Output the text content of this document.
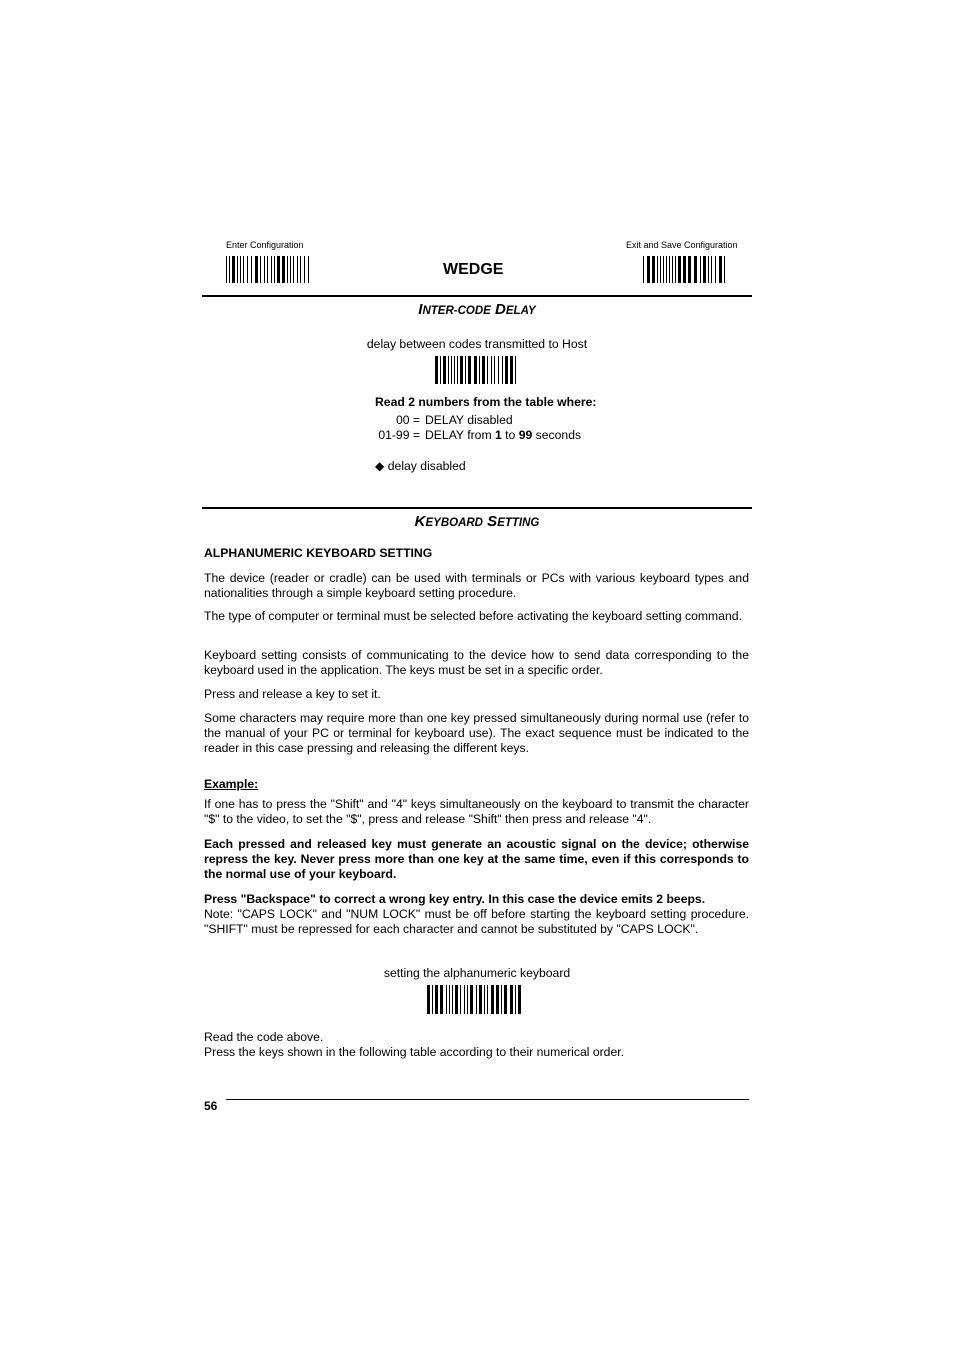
Enter Configuration	Exit and Save Configuration
WEDGE
INTER-CODE DELAY
delay between codes transmitted to Host
Read 2 numbers from the table where:
00 = DELAY disabled
01-99 = DELAY from 1 to 99 seconds
◆ delay disabled
KEYBOARD SETTING
ALPHANUMERIC KEYBOARD SETTING
The device (reader or cradle) can be used with terminals or PCs with various keyboard types and nationalities through a simple keyboard setting procedure.
The type of computer or terminal must be selected before activating the keyboard setting command.
Keyboard setting consists of communicating to the device how to send data corresponding to the keyboard used in the application. The keys must be set in a specific order.
Press and release a key to set it.
Some characters may require more than one key pressed simultaneously during normal use (refer to the manual of your PC or terminal for keyboard use). The exact sequence must be indicated to the reader in this case pressing and releasing the different keys.
Example:
If one has to press the "Shift" and "4" keys simultaneously on the keyboard to transmit the character "$" to the video, to set the "$", press and release "Shift" then press and release "4".
Each pressed and released key must generate an acoustic signal on the device; otherwise repress the key. Never press more than one key at the same time, even if this corresponds to the normal use of your keyboard.
Press "Backspace" to correct a wrong key entry. In this case the device emits 2 beeps.
Note: "CAPS LOCK" and "NUM LOCK" must be off before starting the keyboard setting procedure. "SHIFT" must be repressed for each character and cannot be substituted by "CAPS LOCK".
setting the alphanumeric keyboard
Read the code above.
Press the keys shown in the following table according to their numerical order.
56
